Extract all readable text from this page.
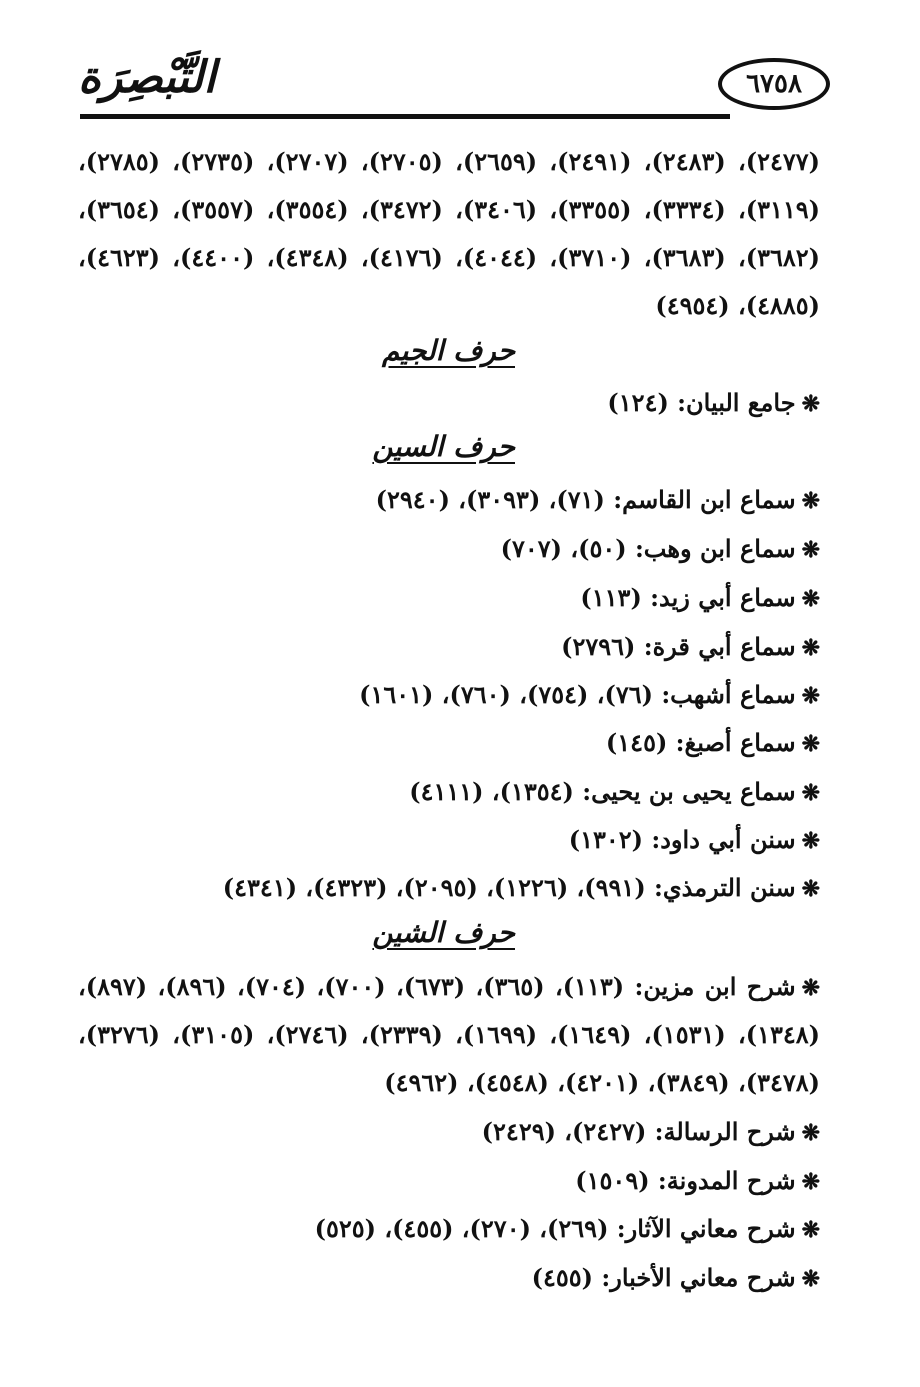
٦٧٥٨
التَّبْصِرَة
(٢٤٧٧)، (٢٤٨٣)، (٢٤٩١)، (٢٦٥٩)، (٢٧٠٥)، (٢٧٠٧)، (٢٧٣٥)، (٢٧٨٥)،
(٣١١٩)، (٣٣٣٤)، (٣٣٥٥)، (٣٤٠٦)، (٣٤٧٢)، (٣٥٥٤)، (٣٥٥٧)، (٣٦٥٤)،
(٣٦٨٢)، (٣٦٨٣)، (٣٧١٠)، (٤٠٤٤)، (٤١٧٦)، (٤٣٤٨)، (٤٤٠٠)، (٤٦٢٣)،
(٤٨٨٥)، (٤٩٥٤)
حرف الجيم
❋جامع البيان: (١٢٤)
حرف السين
❋سماع ابن القاسم: (٧١)، (٣٠٩٣)، (٢٩٤٠)
❋سماع ابن وهب: (٥٠)، (٧٠٧)
❋سماع أبي زيد: (١١٣)
❋سماع أبي قرة: (٢٧٩٦)
❋سماع أشهب: (٧٦)، (٧٥٤)، (٧٦٠)، (١٦٠١)
❋سماع أصبغ: (١٤٥)
❋سماع يحيى بن يحيى: (١٣٥٤)، (٤١١١)
❋سنن أبي داود: (١٣٠٢)
❋سنن الترمذي: (٩٩١)، (١٢٢٦)، (٢٠٩٥)، (٤٣٢٣)، (٤٣٤١)
حرف الشين
❋شرح ابن مزين: (١١٣)، (٣٦٥)، (٦٧٣)، (٧٠٠)، (٧٠٤)، (٨٩٦)، (٨٩٧)،
(١٣٤٨)، (١٥٣١)، (١٦٤٩)، (١٦٩٩)، (٢٣٣٩)، (٢٧٤٦)، (٣١٠٥)، (٣٢٧٦)،
(٣٤٧٨)، (٣٨٤٩)، (٤٢٠١)، (٤٥٤٨)، (٤٩٦٢)
❋شرح الرسالة: (٢٤٢٧)، (٢٤٢٩)
❋شرح المدونة: (١٥٠٩)
❋شرح معاني الآثار: (٢٦٩)، (٢٧٠)، (٤٥٥)، (٥٢٥)
❋شرح معاني الأخبار: (٤٥٥)
